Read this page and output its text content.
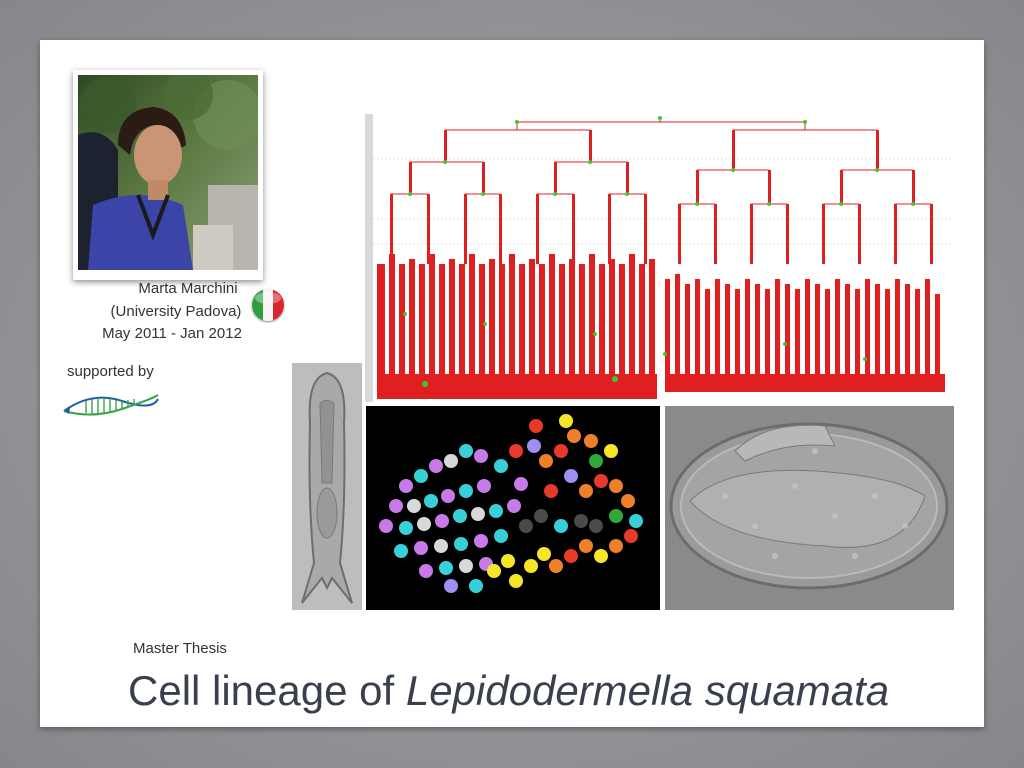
Marta Marchini
(University Padova)
May 2011 - Jan 2012
supported by
Master Thesis
Cell lineage of Lepidodermella squamata
